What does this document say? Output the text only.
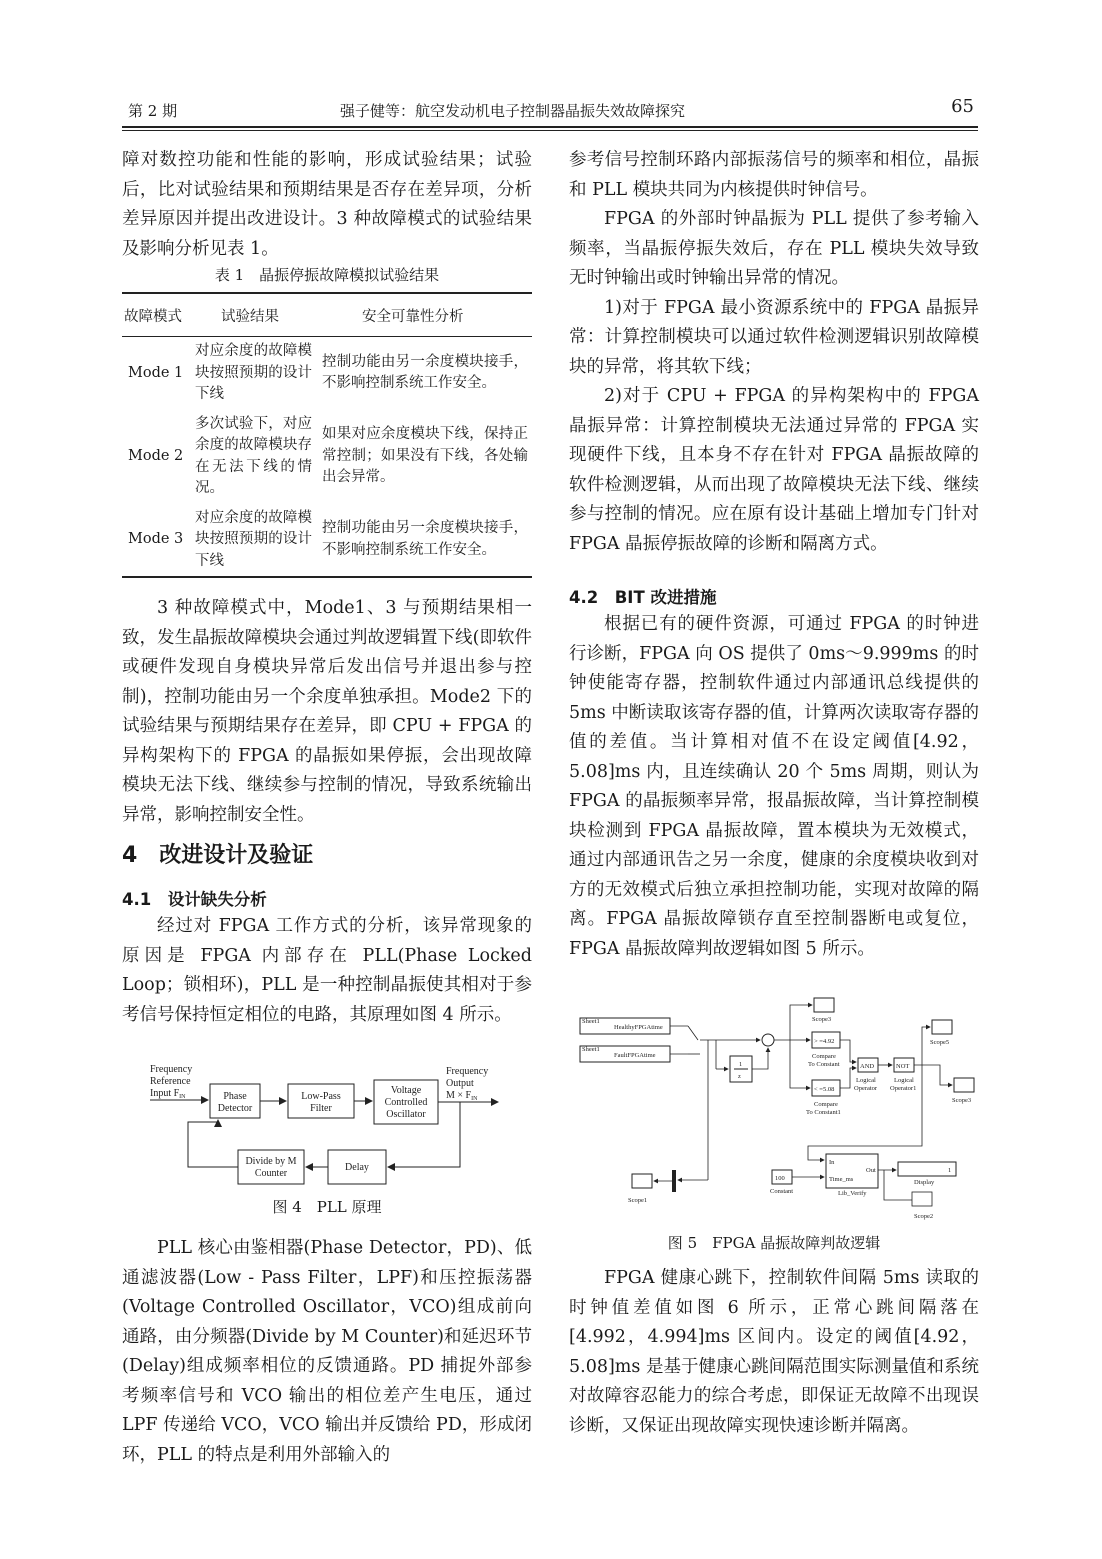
第 2 期	强子健等：航空发动机电子控制器晶振失效故障探究	65

障对数控功能和性能的影响，形成试验结果；试验后，比对试验结果和预期结果是否存在差异项，分析差异原因并提出改进设计。3 种故障模式的试验结果及影响分析见表 1。

表 1　晶振停振故障模拟试验结果
故障模式	试验结果	安全可靠性分析
Mode 1	对应余度的故障模块按照预期的设计下线	控制功能由另一余度模块接手，不影响控制系统工作安全。
Mode 2	多次试验下，对应余度的故障模块存在无法下线的情况。	如果对应余度模块下线，保持正常控制；如果没有下线，各处输出会异常。
Mode 3	对应余度的故障模块按照预期的设计下线	控制功能由另一余度模块接手，不影响控制系统工作安全。

3 种故障模式中，Mode1、3 与预期结果相一致，发生晶振故障模块会通过判故逻辑置下线(即软件或硬件发现自身模块异常后发出信号并退出参与控制)，控制功能由另一个余度单独承担。Mode2 下的试验结果与预期结果存在差异，即 CPU + FPGA 的异构架构下的 FPGA 的晶振如果停振，会出现故障模块无法下线、继续参与控制的情况，导致系统输出异常，影响控制安全性。

4　改进设计及验证
4.1　设计缺失分析

经过对 FPGA 工作方式的分析，该异常现象的原因是 FPGA 内部存在 PLL(Phase Locked Loop；锁相环)，PLL 是一种控制晶振使其相对于参考信号保持恒定相位的电路，其原理如图 4 所示。

Frequency
Reference
Input $F_{IN}$
Frequency
Output
$M \times F_{IN}$
Phase
Detector
Low-Pass
Filter
Voltage
Controlled
Oscillator
Divide by M
Counter
Delay
图 4　PLL 原理

PLL 核心由鉴相器(Phase Detector，PD)、低通滤波器(Low - Pass Filter，LPF)和压控振荡器(Voltage Controlled Oscillator，VCO)组成前向通路，由分频器(Divide by M Counter)和延迟环节(Delay)组成频率相位的反馈通路。PD 捕捉外部参考频率信号和 VCO 输出的相位差产生电压，通过 LPF 传递给 VCO，VCO 输出并反馈给 PD，形成闭环，PLL 的特点是利用外部输入的

参考信号控制环路内部振荡信号的频率和相位，晶振和 PLL 模块共同为内核提供时钟信号。

FPGA 的外部时钟晶振为 PLL 提供了参考输入频率，当晶振停振失效后，存在 PLL 模块失效导致无时钟输出或时钟输出异常的情况。

1)对于 FPGA 最小资源系统中的 FPGA 晶振异常：计算控制模块可以通过软件检测逻辑识别故障模块的异常，将其软下线；

2)对于 CPU + FPGA 的异构架构中的 FPGA 晶振异常：计算控制模块无法通过异常的 FPGA 实现硬件下线，且本身不存在针对 FPGA 晶振故障的软件检测逻辑，从而出现了故障模块无法下线、继续参与控制的情况。应在原有设计基础上增加专门针对 FPGA 晶振停振故障的诊断和隔离方式。

4.2　BIT 改进措施

根据已有的硬件资源，可通过 FPGA 的时钟进行诊断，FPGA 向 OS 提供了 0ms～9.999ms 的时钟使能寄存器，控制软件通过内部通讯总线提供的 5ms 中断读取该寄存器的值，计算两次读取寄存器的值的差值。当计算相对值不在设定阈值[4.92，5.08]ms 内，且连续确认 20 个 5ms 周期，则认为 FPGA 的晶振频率异常，报晶振故障，当计算控制模块检测到 FPGA 晶振故障，置本模块为无效模式，通过内部通讯告之另一余度，健康的余度模块收到对方的无效模式后独立承担控制功能，实现对故障的隔离。FPGA 晶振故障锁存直至控制器断电或复位，FPGA 晶振故障判故逻辑如图 5 所示。

Sheet1
HealthyFPGAtime
Sheet1
FaultFPGAtime
Scope3
Scope5
Scope3
Scope1
Scope2
1
z
> =4.92
Compare
To Constant
< =5.08
Compare
To Constant1
AND
Logical
Operator
NOT
Logical
Operator1
100
Constant
In
Time_ms
Out
Lib_Verify
1
Display
图 5　FPGA 晶振故障判故逻辑

FPGA 健康心跳下，控制软件间隔 5ms 读取的时钟值差值如图 6 所示，正常心跳间隔落在[4.992，4.994]ms 区间内。设定的阈值[4.92，5.08]ms 是基于健康心跳间隔范围实际测量值和系统对故障容忍能力的综合考虑，即保证无故障不出现误诊断，又保证出现故障实现快速诊断并隔离。
